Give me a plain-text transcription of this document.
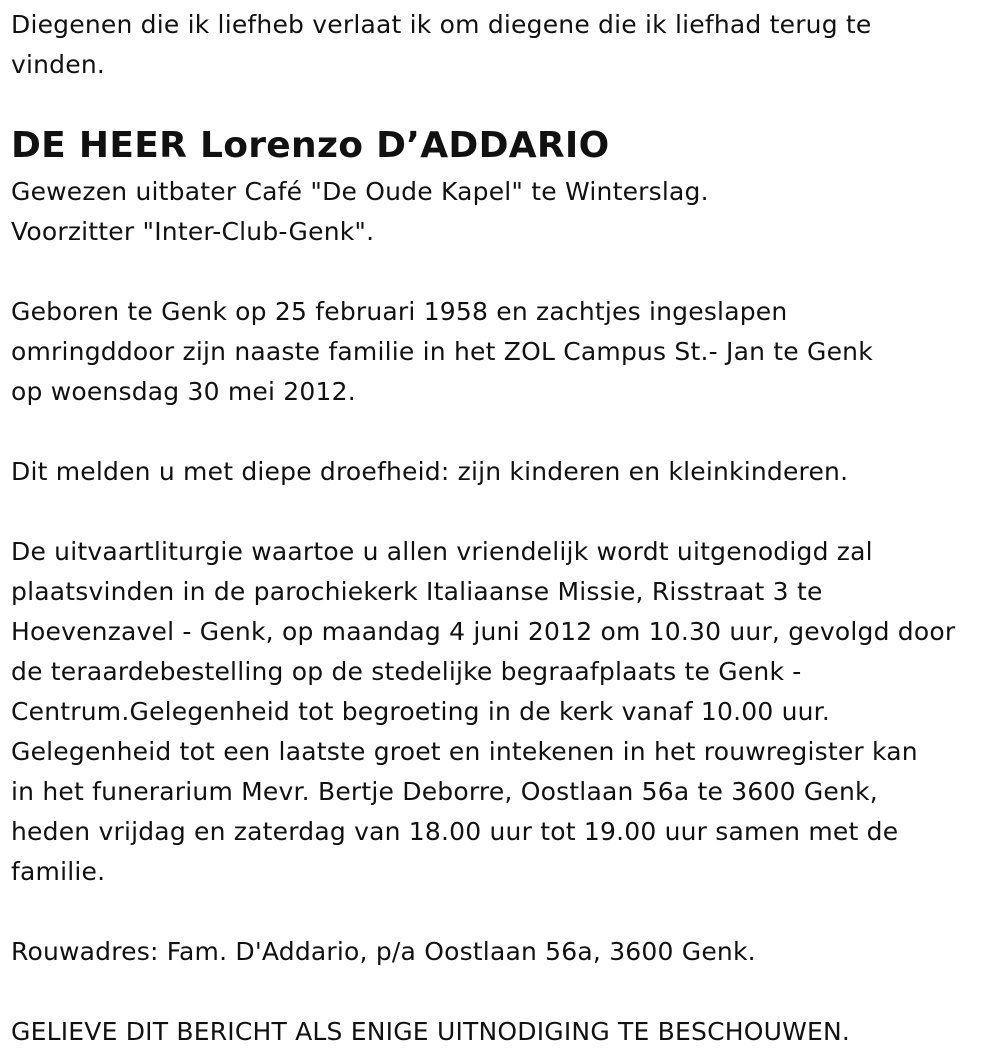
Diegenen die ik liefheb verlaat ik om diegene die ik liefhad terug te
vinden.
DE HEER Lorenzo D’ADDARIO
Gewezen uitbater Café "De Oude Kapel" te Winterslag.
Voorzitter "Inter-Club-Genk".
Geboren te Genk op 25 februari 1958 en zachtjes ingeslapen
omringddoor zijn naaste familie in het ZOL Campus St.- Jan te Genk
op woensdag 30 mei 2012.
Dit melden u met diepe droefheid: zijn kinderen en kleinkinderen.
De uitvaartliturgie waartoe u allen vriendelijk wordt uitgenodigd zal
plaatsvinden in de parochiekerk Italiaanse Missie, Risstraat 3 te
Hoevenzavel - Genk, op maandag 4 juni 2012 om 10.30 uur, gevolgd door
de teraardebestelling op de stedelijke begraafplaats te Genk -
Centrum.Gelegenheid tot begroeting in de kerk vanaf 10.00 uur.
Gelegenheid tot een laatste groet en intekenen in het rouwregister kan
in het funerarium Mevr. Bertje Deborre, Oostlaan 56a te 3600 Genk,
heden vrijdag en zaterdag van 18.00 uur tot 19.00 uur samen met de
familie.
Rouwadres: Fam. D'Addario, p/a Oostlaan 56a, 3600 Genk.
GELIEVE DIT BERICHT ALS ENIGE UITNODIGING TE BESCHOUWEN.
